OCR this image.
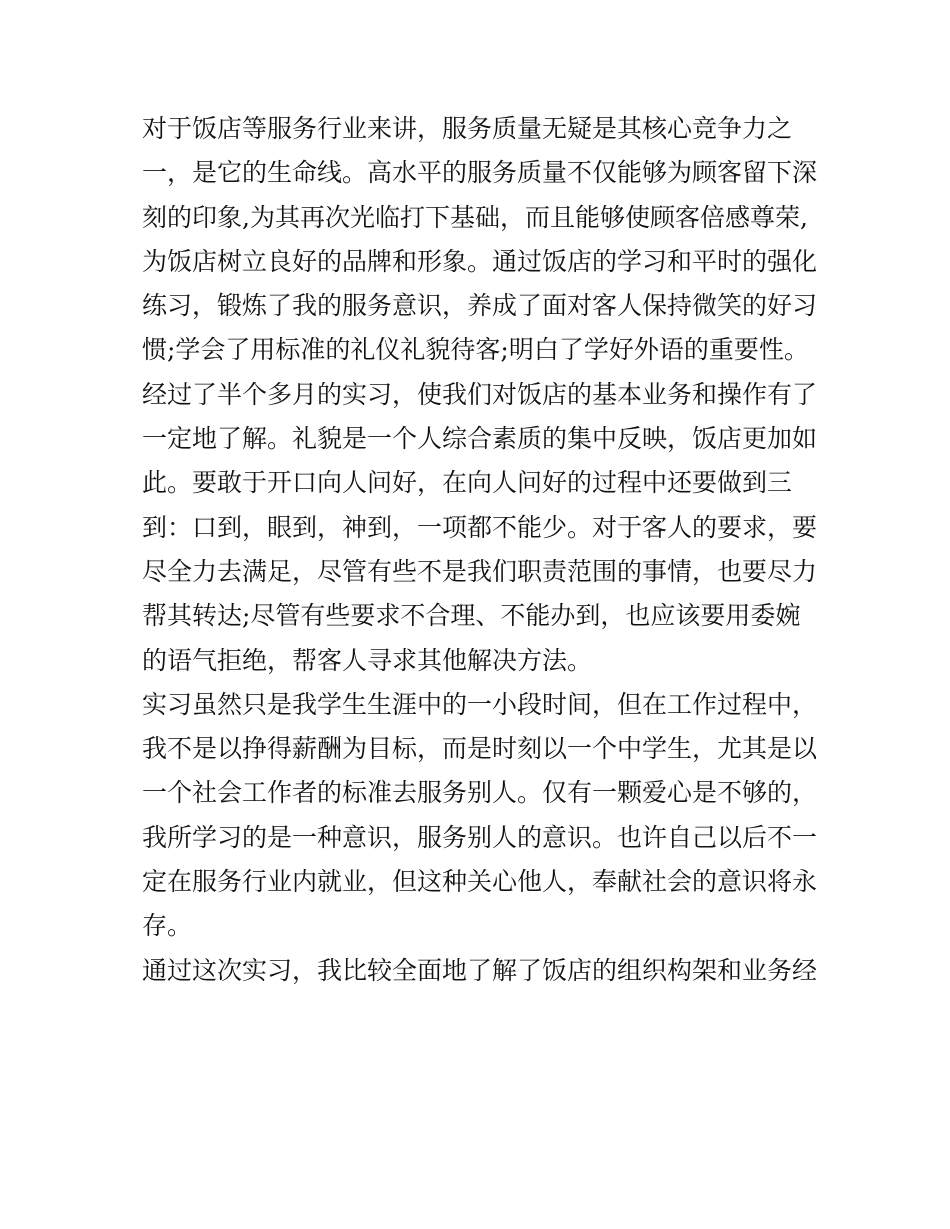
对于饭店等服务行业来讲，服务质量无疑是其核心竞争力之
一，是它的生命线。高水平的服务质量不仅能够为顾客留下深
刻的印象,为其再次光临打下基础，而且能够使顾客倍感尊荣,
为饭店树立良好的品牌和形象。通过饭店的学习和平时的强化
练习，锻炼了我的服务意识，养成了面对客人保持微笑的好习
惯;学会了用标准的礼仪礼貌待客;明白了学好外语的重要性。
经过了半个多月的实习，使我们对饭店的基本业务和操作有了
一定地了解。礼貌是一个人综合素质的集中反映，饭店更加如
此。要敢于开口向人问好，在向人问好的过程中还要做到三
到：口到，眼到，神到，一项都不能少。对于客人的要求，要
尽全力去满足，尽管有些不是我们职责范围的事情，也要尽力
帮其转达;尽管有些要求不合理、不能办到，也应该要用委婉
的语气拒绝，帮客人寻求其他解决方法。
实习虽然只是我学生生涯中的一小段时间，但在工作过程中，
我不是以挣得薪酬为目标，而是时刻以一个中学生，尤其是以
一个社会工作者的标准去服务别人。仅有一颗爱心是不够的，
我所学习的是一种意识，服务别人的意识。也许自己以后不一
定在服务行业内就业，但这种关心他人，奉献社会的意识将永
存。
通过这次实习，我比较全面地了解了饭店的组织构架和业务经
